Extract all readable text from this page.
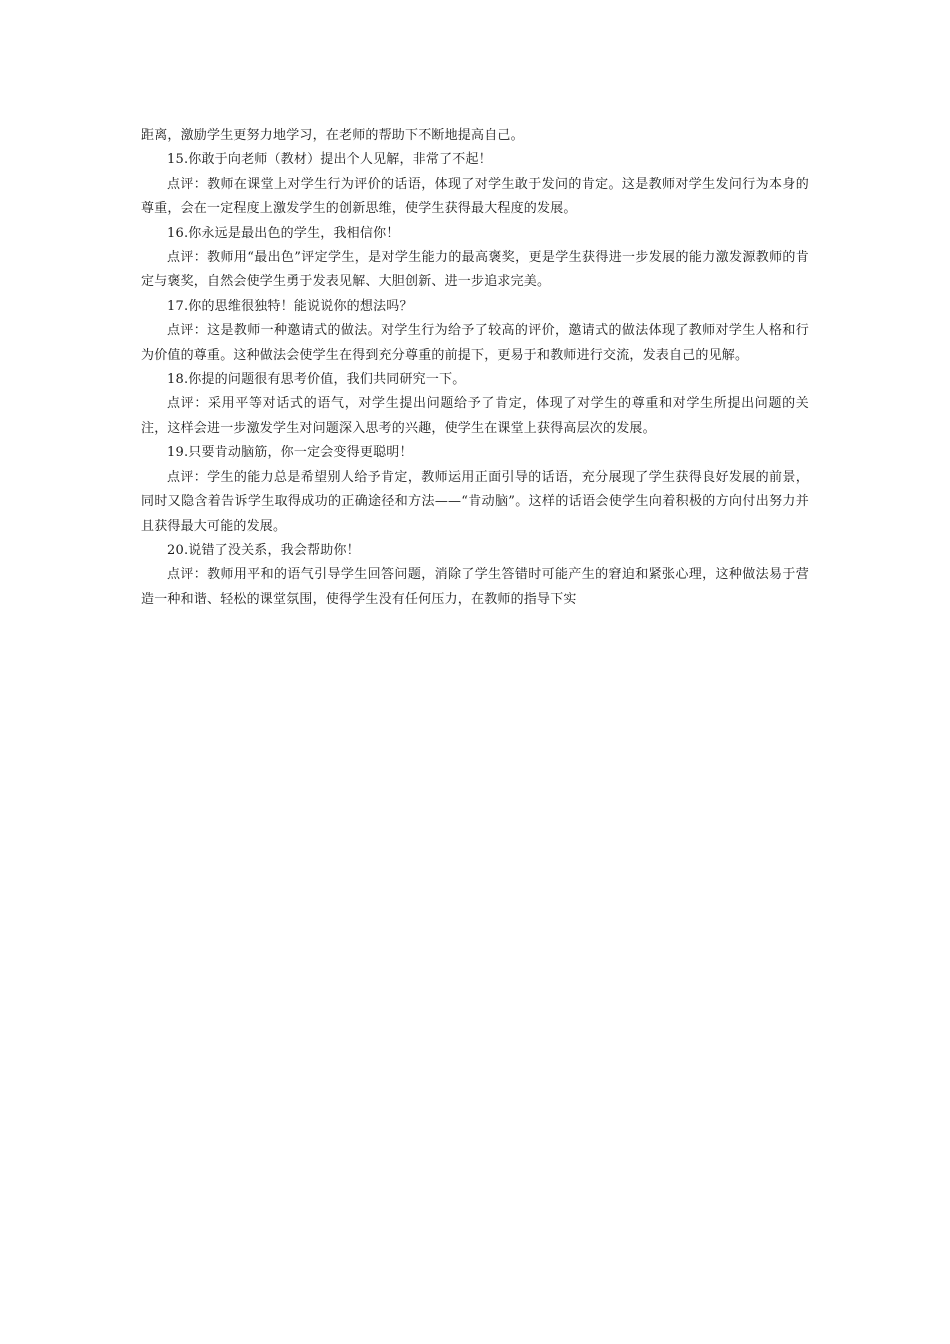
距离，激励学生更努力地学习，在老师的帮助下不断地提高自己。

15.你敢于向老师（教材）提出个人见解，非常了不起！

点评：教师在课堂上对学生行为评价的话语，体现了对学生敢于发问的肯定。这是教师对学生发问行为本身的尊重，会在一定程度上激发学生的创新思维，使学生获得最大程度的发展。

16.你永远是最出色的学生，我相信你！

点评：教师用“最出色”评定学生，是对学生能力的最高褒奖，更是学生获得进一步发展的能力激发源教师的肯定与褒奖，自然会使学生勇于发表见解、大胆创新、进一步追求完美。

17.你的思维很独特！能说说你的想法吗？

点评：这是教师一种邀请式的做法。对学生行为给予了较高的评价，邀请式的做法体现了教师对学生人格和行为价值的尊重。这种做法会使学生在得到充分尊重的前提下，更易于和教师进行交流，发表自己的见解。

18.你提的问题很有思考价值，我们共同研究一下。

点评：采用平等对话式的语气，对学生提出问题给予了肯定，体现了对学生的尊重和对学生所提出问题的关注，这样会进一步激发学生对问题深入思考的兴趣，使学生在课堂上获得高层次的发展。

19.只要肯动脑筋，你一定会变得更聪明！

点评：学生的能力总是希望别人给予肯定，教师运用正面引导的话语，充分展现了学生获得良好发展的前景，同时又隐含着告诉学生取得成功的正确途径和方法——“肯动脑”。这样的话语会使学生向着积极的方向付出努力并且获得最大可能的发展。

20.说错了没关系，我会帮助你！

点评：教师用平和的语气引导学生回答问题，消除了学生答错时可能产生的窘迫和紧张心理，这种做法易于营造一种和谐、轻松的课堂氛围，使得学生没有任何压力，在教师的指导下实
